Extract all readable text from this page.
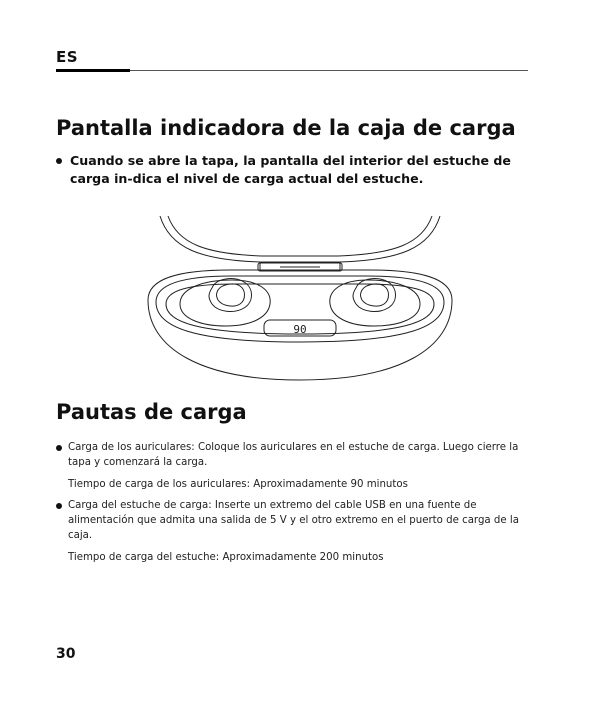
ES
Pantalla indicadora de la caja de carga
Cuando se abre la tapa, la pantalla del interior del estuche de carga in-dica el nivel de carga actual del estuche.
90
Pautas de carga
Carga de los auriculares: Coloque los auriculares en el estuche de carga. Luego cierre la tapa y comenzará la carga.
Tiempo de carga de los auriculares: Aproximadamente 90 minutos
Carga del estuche de carga: Inserte un extremo del cable USB en una fuente de alimentación que admita una salida de 5 V y el otro extremo en el puerto de carga de la caja.
Tiempo de carga del estuche: Aproximadamente 200 minutos
30
